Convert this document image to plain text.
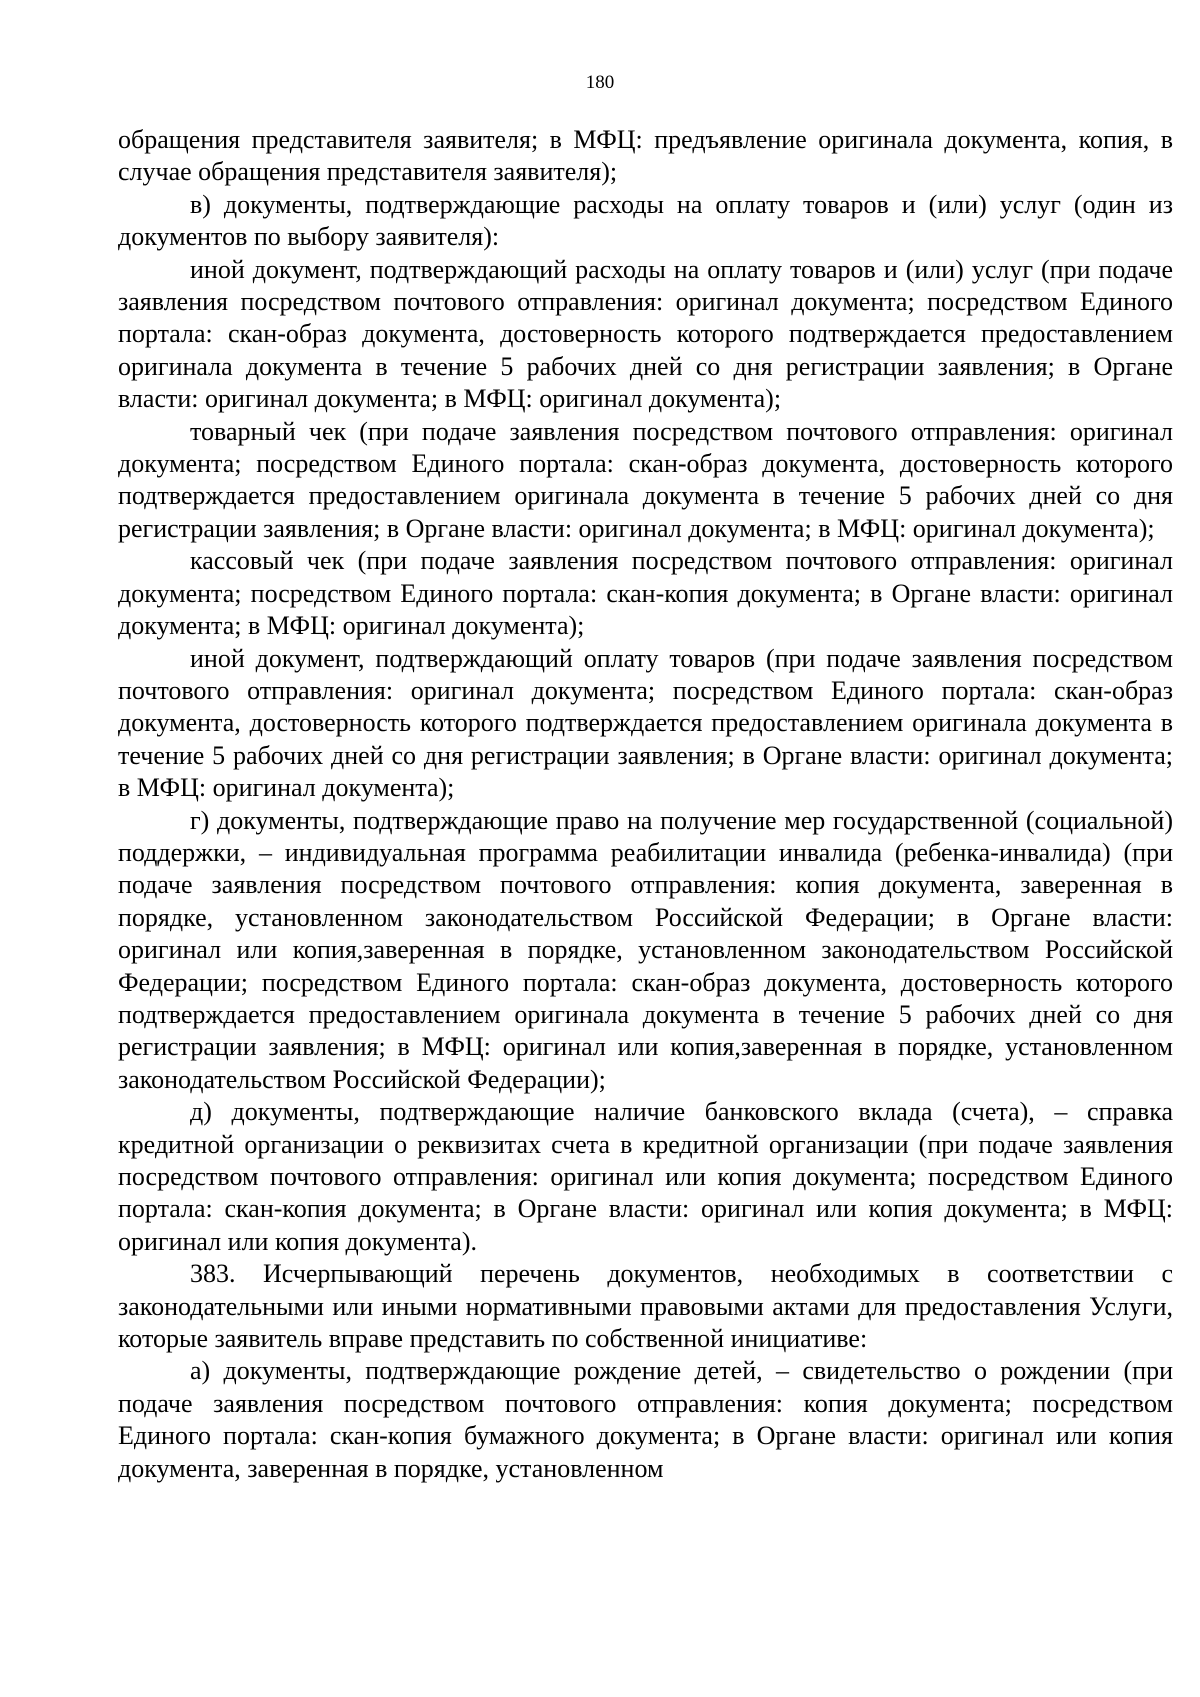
180

обращения представителя заявителя; в МФЦ: предъявление оригинала документа, копия, в случае обращения представителя заявителя);

в) документы, подтверждающие расходы на оплату товаров и (или) услуг (один из документов по выбору заявителя):

иной документ, подтверждающий расходы на оплату товаров и (или) услуг (при подаче заявления посредством почтового отправления: оригинал документа; посредством Единого портала: скан-образ документа, достоверность которого подтверждается предоставлением оригинала документа в течение 5 рабочих дней со дня регистрации заявления; в Органе власти: оригинал документа; в МФЦ: оригинал документа);

товарный чек (при подаче заявления посредством почтового отправления: оригинал документа; посредством Единого портала: скан-образ документа, достоверность которого подтверждается предоставлением оригинала документа в течение 5 рабочих дней со дня регистрации заявления; в Органе власти: оригинал документа; в МФЦ: оригинал документа);

кассовый чек (при подаче заявления посредством почтового отправления: оригинал документа; посредством Единого портала: скан-копия документа; в Органе власти: оригинал документа; в МФЦ: оригинал документа);

иной документ, подтверждающий оплату товаров (при подаче заявления посредством почтового отправления: оригинал документа; посредством Единого портала: скан-образ документа, достоверность которого подтверждается предоставлением оригинала документа в течение 5 рабочих дней со дня регистрации заявления; в Органе власти: оригинал документа; в МФЦ: оригинал документа);

г) документы, подтверждающие право на получение мер государственной (социальной) поддержки, – индивидуальная программа реабилитации инвалида (ребенка-инвалида) (при подаче заявления посредством почтового отправления: копия документа, заверенная в порядке, установленном законодательством Российской Федерации; в Органе власти: оригинал или копия,заверенная в порядке, установленном законодательством Российской Федерации; посредством Единого портала: скан-образ документа, достоверность которого подтверждается предоставлением оригинала документа в течение 5 рабочих дней со дня регистрации заявления; в МФЦ: оригинал или копия,заверенная в порядке, установленном законодательством Российской Федерации);

д) документы, подтверждающие наличие банковского вклада (счета), – справка кредитной организации о реквизитах счета в кредитной организации (при подаче заявления посредством почтового отправления: оригинал или копия документа; посредством Единого портала: скан-копия документа; в Органе власти: оригинал или копия документа; в МФЦ: оригинал или копия документа).

383. Исчерпывающий перечень документов, необходимых в соответствии с законодательными или иными нормативными правовыми актами для предоставления Услуги, которые заявитель вправе представить по собственной инициативе:

а) документы, подтверждающие рождение детей, – свидетельство о рождении (при подаче заявления посредством почтового отправления: копия документа; посредством Единого портала: скан-копия бумажного документа; в Органе власти: оригинал или копия документа, заверенная в порядке, установленном
